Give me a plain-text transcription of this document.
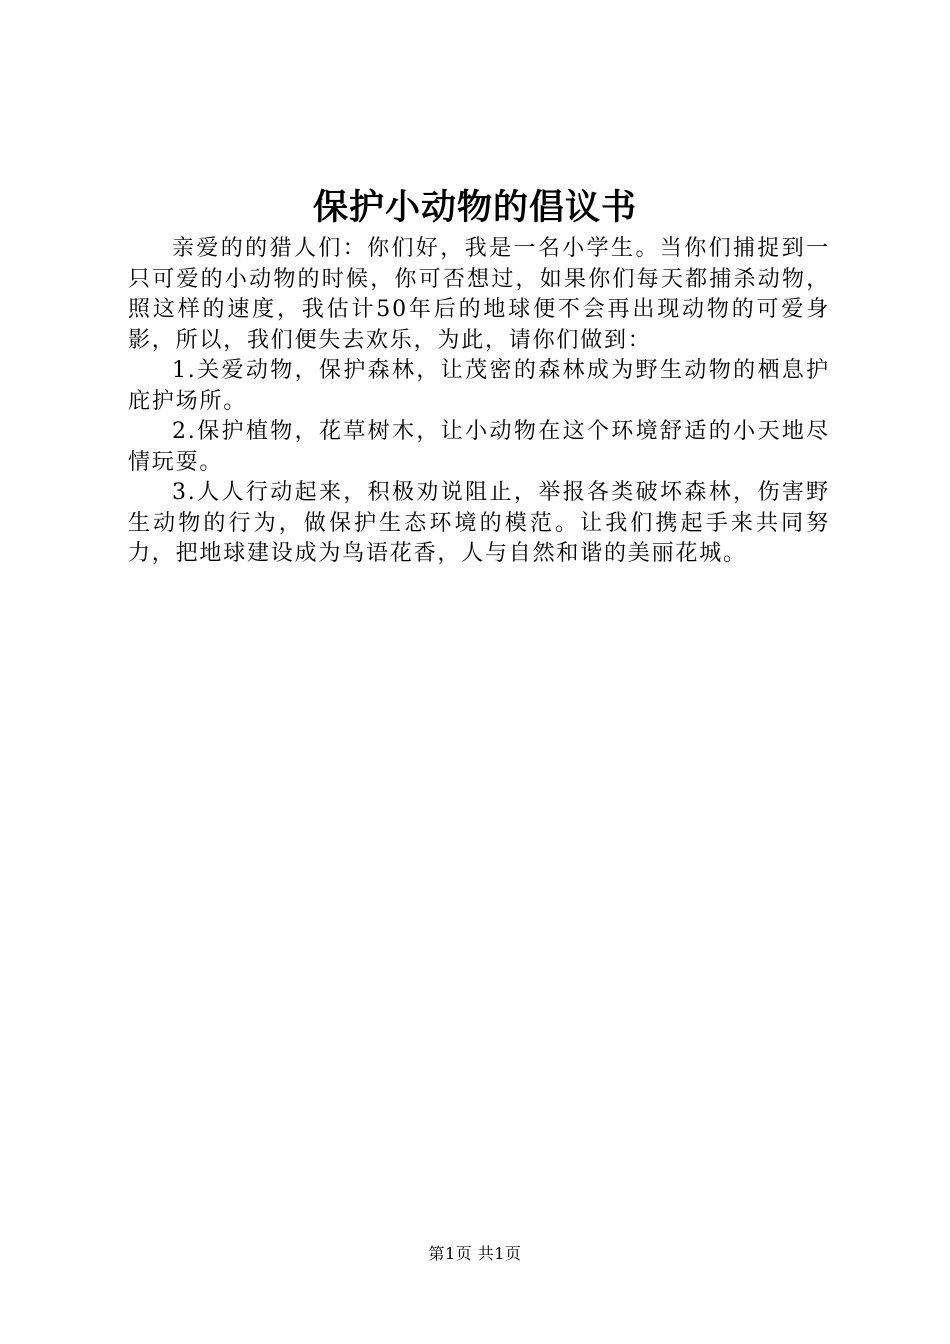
保护小动物的倡议书

亲爱的的猎人们：你们好，我是一名小学生。当你们捕捉到一只可爱的小动物的时候，你可否想过，如果你们每天都捕杀动物，照这样的速度，我估计50年后的地球便不会再出现动物的可爱身影，所以，我们便失去欢乐，为此，请你们做到：

1.关爱动物，保护森林，让茂密的森林成为野生动物的栖息护庇护场所。

2.保护植物，花草树木，让小动物在这个环境舒适的小天地尽情玩耍。

3.人人行动起来，积极劝说阻止，举报各类破坏森林，伤害野生动物的行为，做保护生态环境的模范。让我们携起手来共同努力，把地球建设成为鸟语花香，人与自然和谐的美丽花城。

第1页 共1页
